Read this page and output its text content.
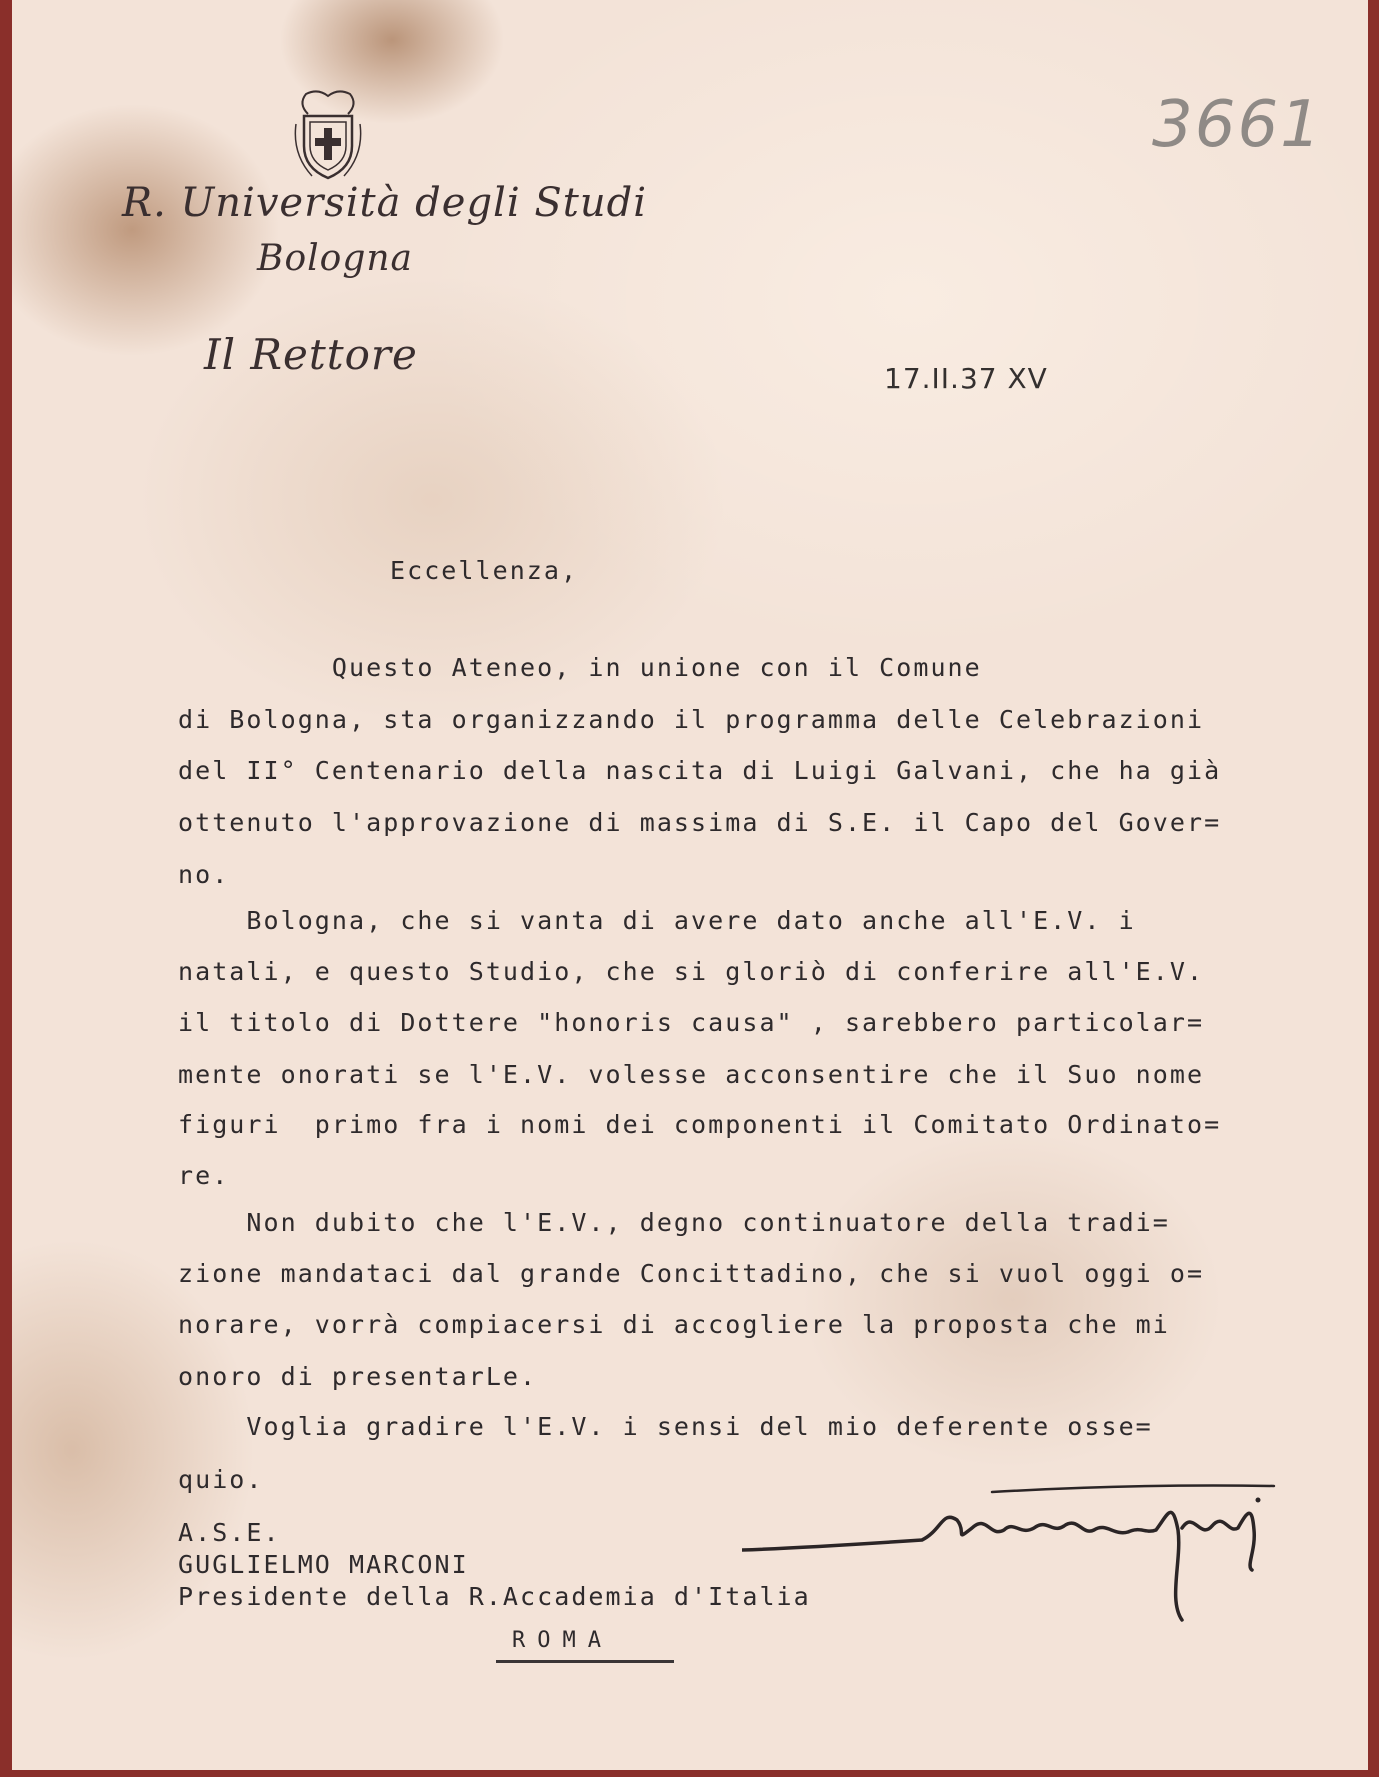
R. Università degli Studi
Bologna
Il Rettore
3661
17.II.37 XV
Eccellenza,
Questo Ateneo, in unione con il Comune
di Bologna, sta organizzando il programma delle Celebrazioni
del II° Centenario della nascita di Luigi Galvani, che ha già
ottenuto l'approvazione di massima di S.E. il Capo del Gover=
no.
Bologna, che si vanta di avere dato anche all'E.V. i
natali, e questo Studio, che si gloriò di conferire all'E.V.
il titolo di Dottere "honoris causa" , sarebbero particolar=
mente onorati se l'E.V. volesse acconsentire che il Suo nome
figuri  primo fra i nomi dei componenti il Comitato Ordinato=
re.
Non dubito che l'E.V., degno continuatore della tradi=
zione mandataci dal grande Concittadino, che si vuol oggi o=
norare, vorrà compiacersi di accogliere la proposta che mi
onoro di presentarLe.
Voglia gradire l'E.V. i sensi del mio deferente osse=
quio.
A.S.E.
GUGLIELMO MARCONI
Presidente della R.Accademia d'Italia
ROMA
